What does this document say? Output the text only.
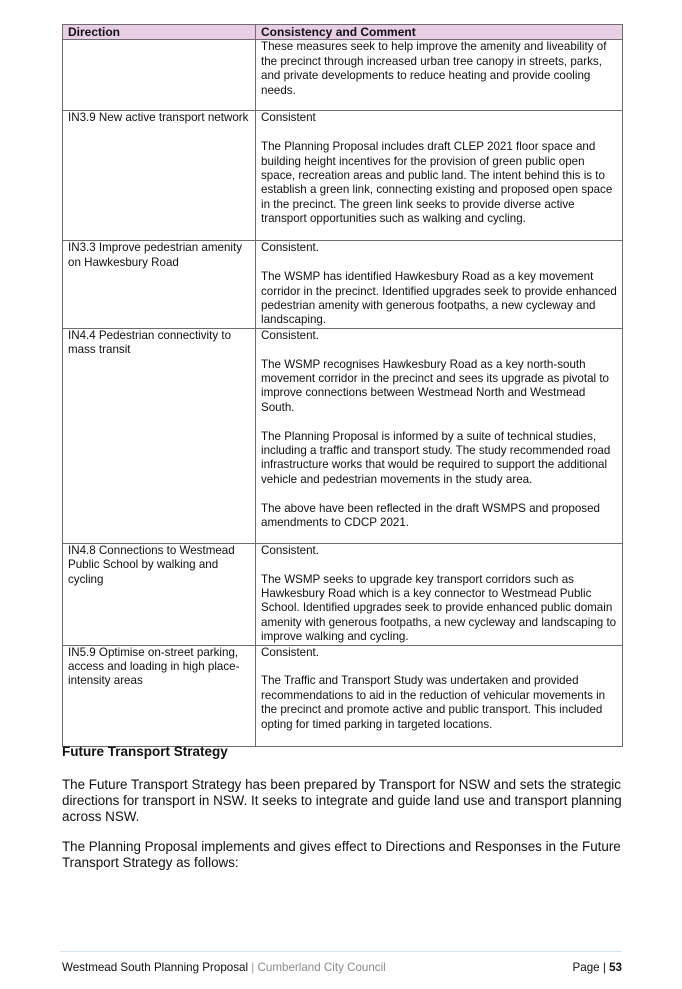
Direction	Consistency and Comment

	These measures seek to help improve the amenity and liveability of the precinct through increased urban tree canopy in streets, parks, and private developments to reduce heating and provide cooling needs.

IN3.9 New active transport network	Consistent
The Planning Proposal includes draft CLEP 2021 floor space and building height incentives for the provision of green public open space, recreation areas and public land. The intent behind this is to establish a green link, connecting existing and proposed open space in the precinct. The green link seeks to provide diverse active transport opportunities such as walking and cycling.

IN3.3 Improve pedestrian amenity on Hawkesbury Road	Consistent.
The WSMP has identified Hawkesbury Road as a key movement corridor in the precinct. Identified upgrades seek to provide enhanced pedestrian amenity with generous footpaths, a new cycleway and landscaping.

IN4.4 Pedestrian connectivity to mass transit	Consistent.
The WSMP recognises Hawkesbury Road as a key north-south movement corridor in the precinct and sees its upgrade as pivotal to improve connections between Westmead North and Westmead South.
The Planning Proposal is informed by a suite of technical studies, including a traffic and transport study. The study recommended road infrastructure works that would be required to support the additional vehicle and pedestrian movements in the study area.
The above have been reflected in the draft WSMPS and proposed amendments to CDCP 2021.

IN4.8 Connections to Westmead Public School by walking and cycling	Consistent.
The WSMP seeks to upgrade key transport corridors such as Hawkesbury Road which is a key connector to Westmead Public School. Identified upgrades seek to provide enhanced public domain amenity with generous footpaths, a new cycleway and landscaping to improve walking and cycling.

IN5.9 Optimise on-street parking, access and loading in high place-intensity areas	Consistent.
The Traffic and Transport Study was undertaken and provided recommendations to aid in the reduction of vehicular movements in the precinct and promote active and public transport. This included opting for timed parking in targeted locations.
Future Transport Strategy
The Future Transport Strategy has been prepared by Transport for NSW and sets the strategic directions for transport in NSW. It seeks to integrate and guide land use and transport planning across NSW.
The Planning Proposal implements and gives effect to Directions and Responses in the Future Transport Strategy as follows:
Westmead South Planning Proposal | Cumberland City Council	Page | 53
